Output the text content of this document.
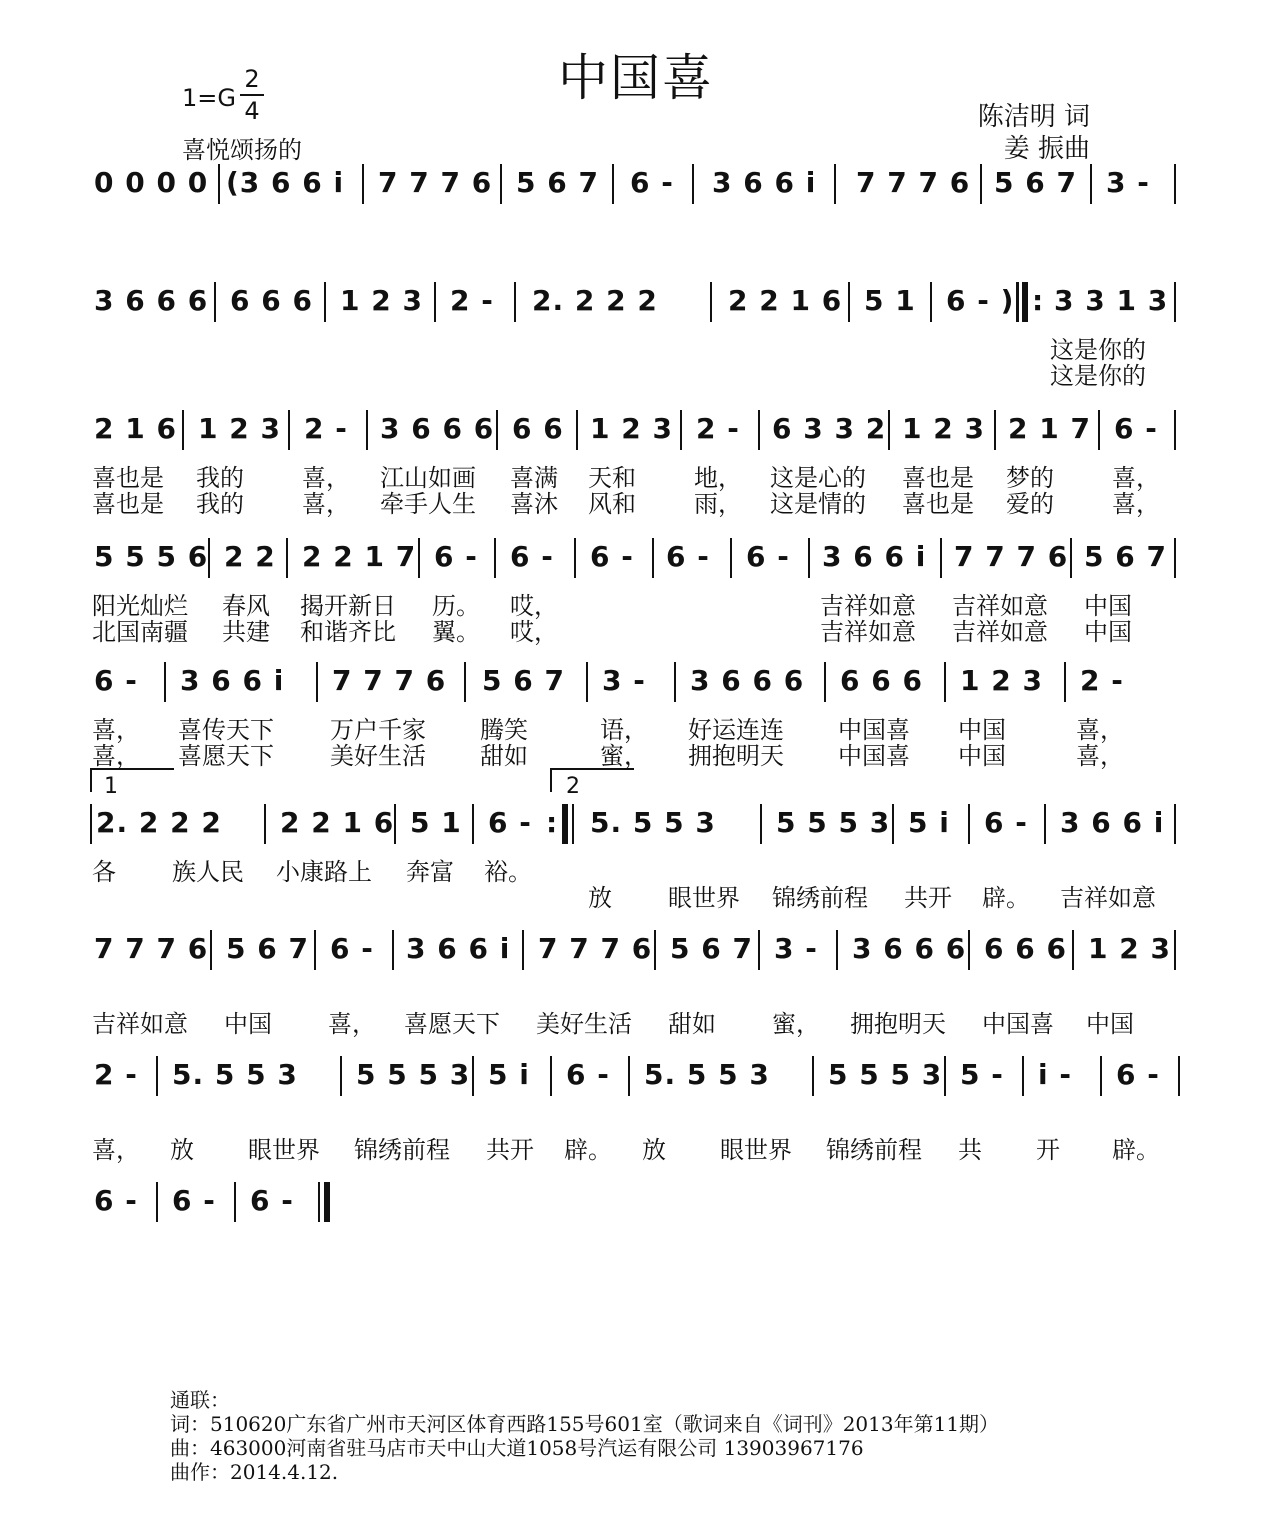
中国喜
1=G
2
4
喜悦颂扬的
陈洁明 词
姜 振曲
0 0 0 0 (3 6 6 i 7 7 7 6 5 6 7 6 - 3 6 6 i 7 7 7 6 5 6 7 3 -
3 6 6 6 6 6 6 1 2 3 2 - 2. 2 2 2	2 2 1 6 5 1 6 - ) : 3 3 1 3
这是你的
这是你的
2 1 6 1 2 3 2 - 3 6 6 6 6 6 1 2 3 2 - 6 3 3 2 1 2 3 2 1 7 6 -
喜也是 我的 喜， 江山如画 喜满 天和 地， 这是心的 喜也是 梦的 喜，
喜也是 我的 喜， 牵手人生 喜沐 风和 雨， 这是情的 喜也是 爱的 喜，
5 5 5 6 2 2 2 2 1 7 6 - 6 - 6 - 6 - 6 - 3 6 6 i 7 7 7 6 5 6 7
阳光灿烂 春风 揭开新日 历。 哎，	吉祥如意 吉祥如意 中国
北国南疆 共建 和谐齐比 翼。 哎，	吉祥如意 吉祥如意 中国
6 - 3 6 6 i 7 7 7 6 5 6 7 3 - 3 6 6 6 6 6 6 1 2 3 2 -
喜， 喜传天下 万户千家 腾笑	语， 好运连连 中国喜 中国	喜，
喜， 喜愿天下 美好生活 甜如	蜜， 拥抱明天 中国喜 中国	喜，
1	2
2. 2 2 2 2 2 1 6 5 1 6 - : 5. 5 5 3 5 5 5 3 5 i 6 - 3 6 6 i
各 族人民 小康路上 奔富 裕。
放 眼世界 锦绣前程 共开 辟。 吉祥如意
7 7 7 6 5 6 7 6 - 3 6 6 i 7 7 7 6 5 6 7 3 - 3 6 6 6 6 6 6 1 2 3
吉祥如意 中国 喜， 喜愿天下 美好生活 甜如 蜜， 拥抱明天 中国喜 中国
2 - 5. 5 5 3 5 5 5 3 5 i 6 - 5. 5 5 3 5 5 5 3 5 - i - 6 -
喜， 放 眼世界 锦绣前程 共开 辟。 放 眼世界 锦绣前程 共 开 辟。
6 - 6 - 6 -
通联：
词：510620广东省广州市天河区体育西路155号601室（歌词来自《词刊》2013年第11期）
曲：463000河南省驻马店市天中山大道1058号汽运有限公司 13903967176
曲作：2014.4.12.
